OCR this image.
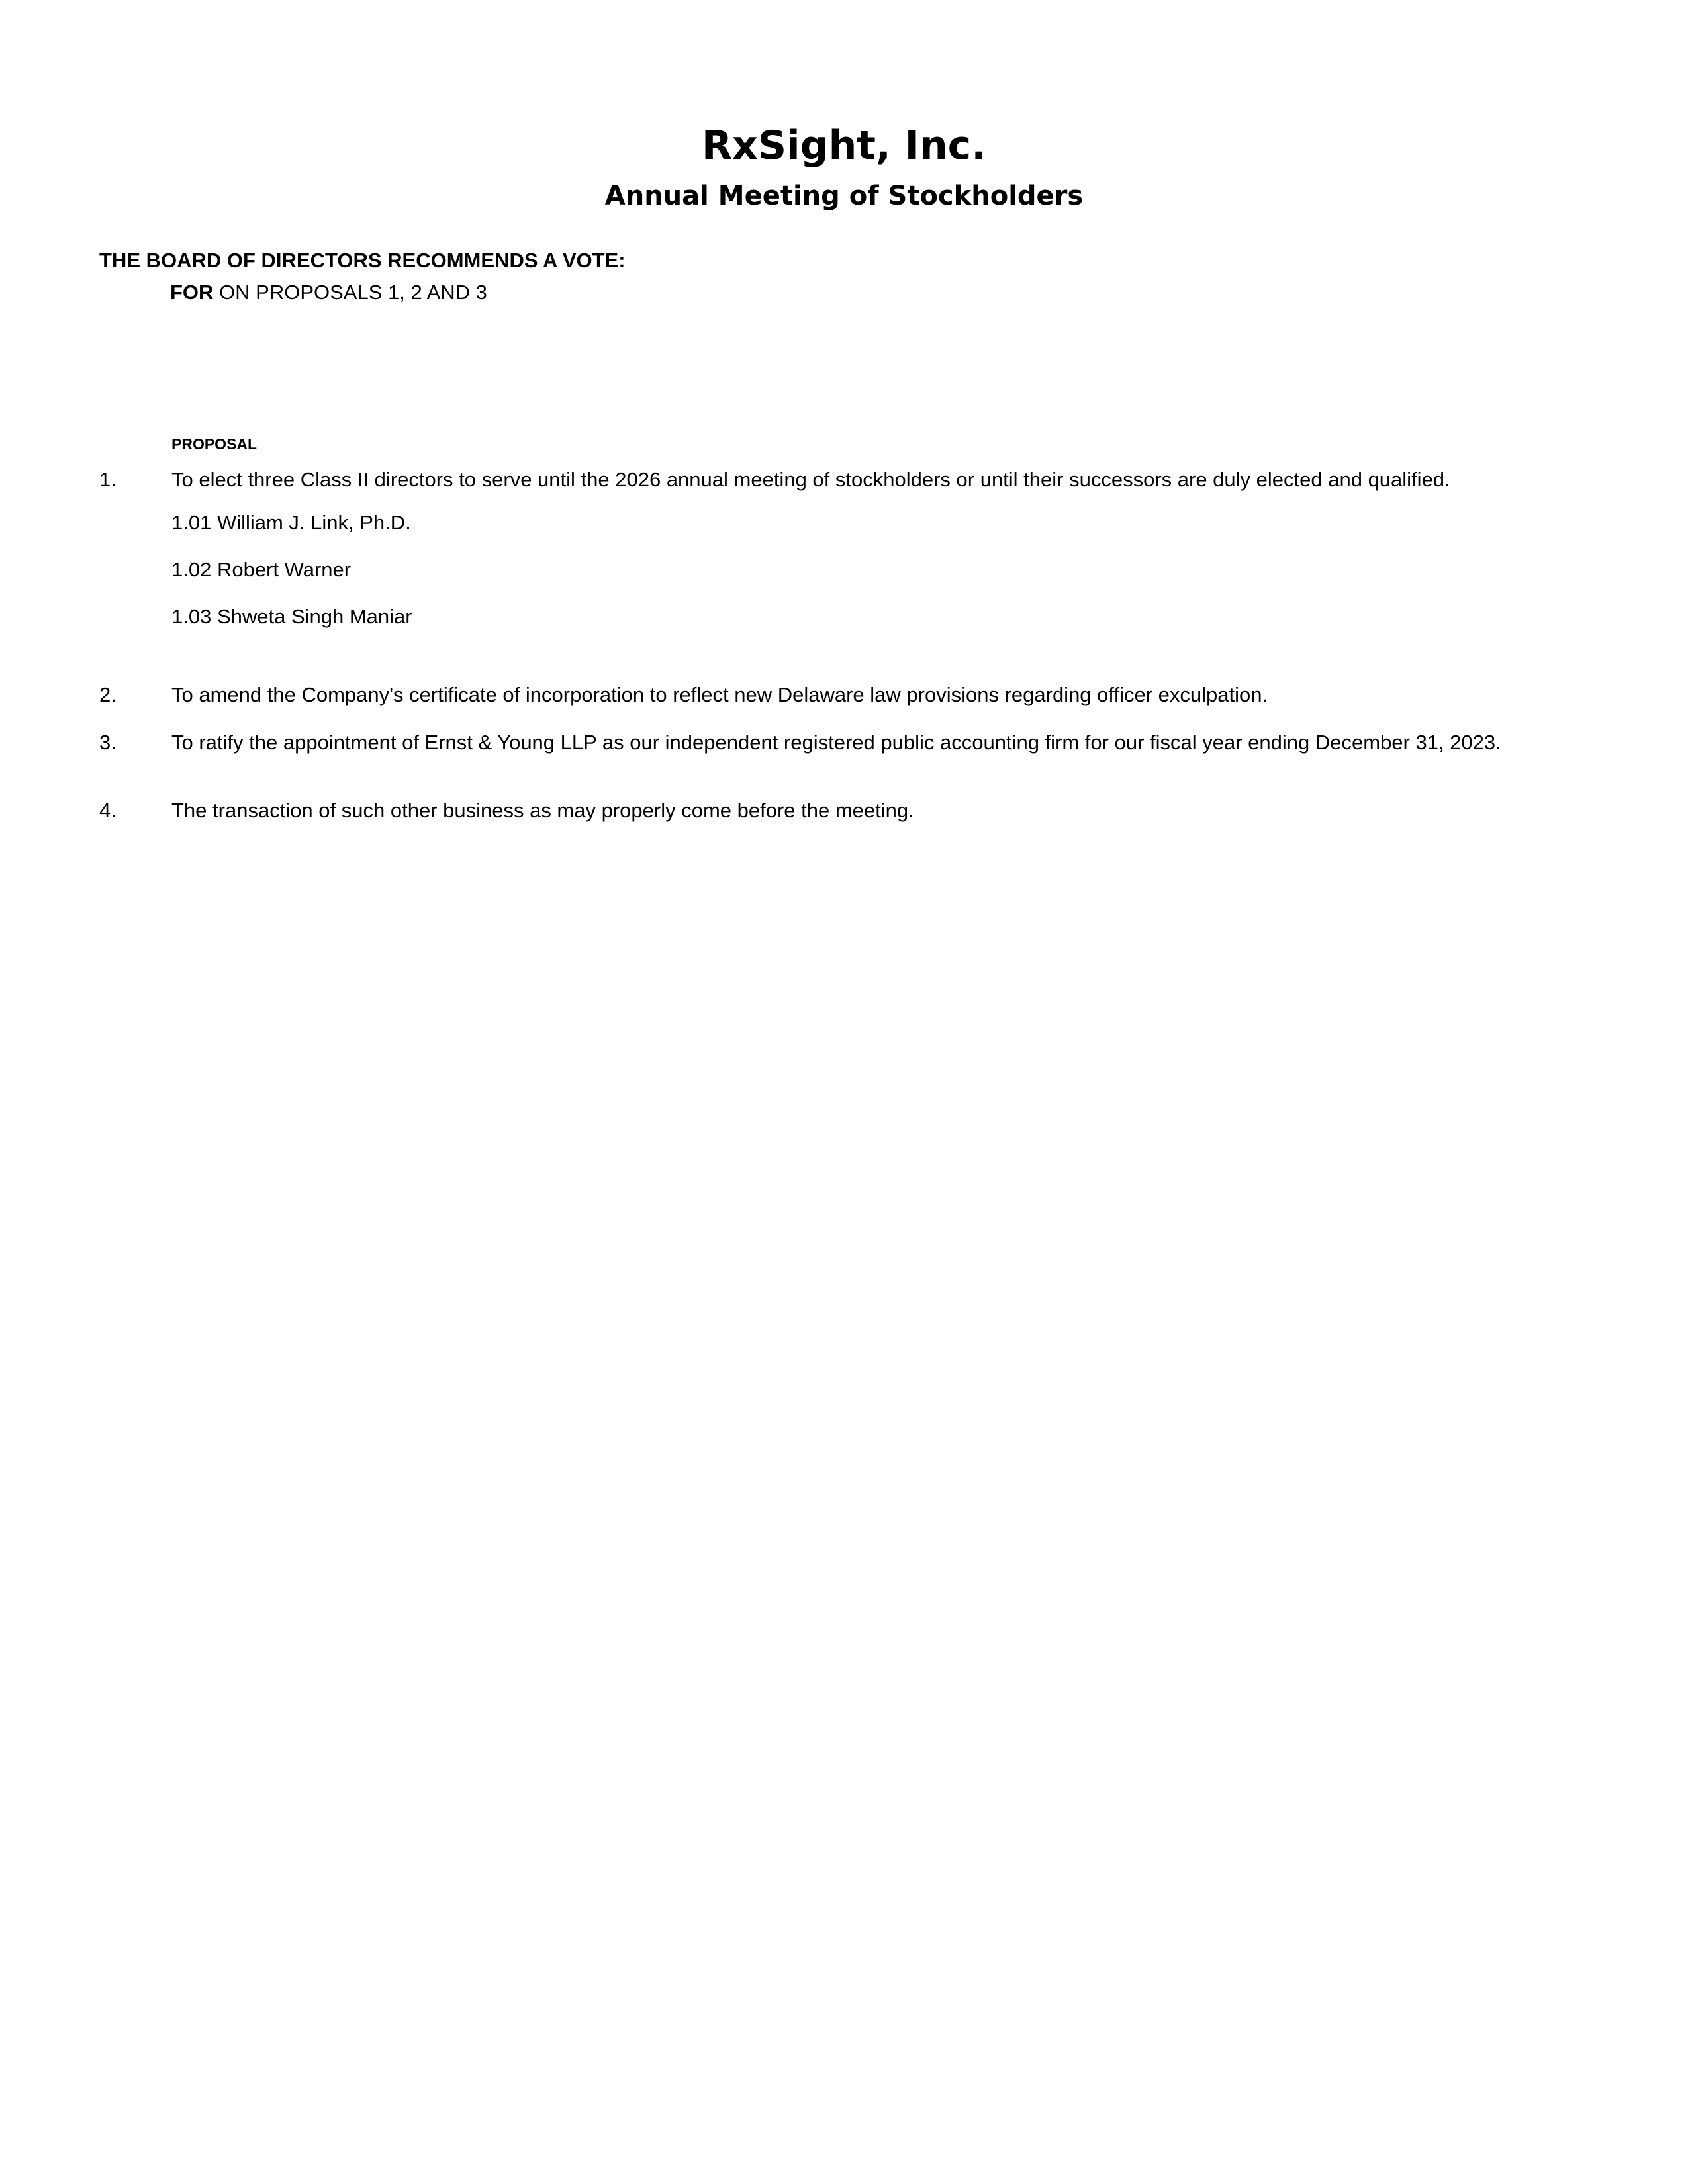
RxSight, Inc.
Annual Meeting of Stockholders
THE BOARD OF DIRECTORS RECOMMENDS A VOTE:
FOR ON PROPOSALS 1, 2 AND 3
PROPOSAL
1.	To elect three Class II directors to serve until the 2026 annual meeting of stockholders or until their successors are duly elected and qualified.
1.01 William J. Link, Ph.D.
1.02 Robert Warner
1.03 Shweta Singh Maniar
2.	To amend the Company's certificate of incorporation to reflect new Delaware law provisions regarding officer exculpation.
3.	To ratify the appointment of Ernst & Young LLP as our independent registered public accounting firm for our fiscal year ending December 31, 2023.
4.	The transaction of such other business as may properly come before the meeting.
